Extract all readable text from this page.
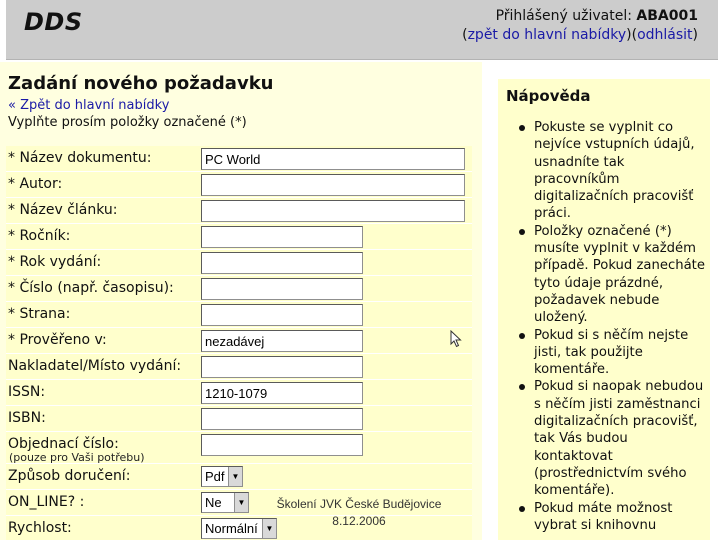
DDS	Přihlášený uživatel: ABA001
(zpět do hlavní nabídky)(odhlásit)
Zadání nového požadavku
« Zpět do hlavní nabídky
Vyplňte prosím položky označené (*)
* Název dokumentu:	PC World
* Autor:
* Název článku:
* Ročník:
* Rok vydání:
* Číslo (např. časopisu):
* Strana:
* Prověřeno v:	nezadávej
Nakladatel/Místo vydání:
ISSN:	1210-1079
ISBN:
Objednací číslo:
(pouze pro Vaši potřebu)
Způsob doručení:	Pdf ▼
ON_LINE? :	Ne	▼
Rychlost:	Normální ▼
Školení JVK České Budějovice
8.12.2006
Nápověda
Pokuste se vyplnit co nejvíce vstupních údajů, usnadníte tak pracovníkům digitalizačních pracovišť práci.
Položky označené (*) musíte vyplnit v každém případě. Pokud zanecháte tyto údaje prázdné, požadavek nebude uložený.
Pokud si s něčím nejste jisti, tak použijte komentáře.
Pokud si naopak nebudou s něčím jisti zaměstnanci digitalizačních pracovišť, tak Vás budou kontaktovat (prostřednictvím svého komentáře).
Pokud máte možnost vybrat si knihovnu
